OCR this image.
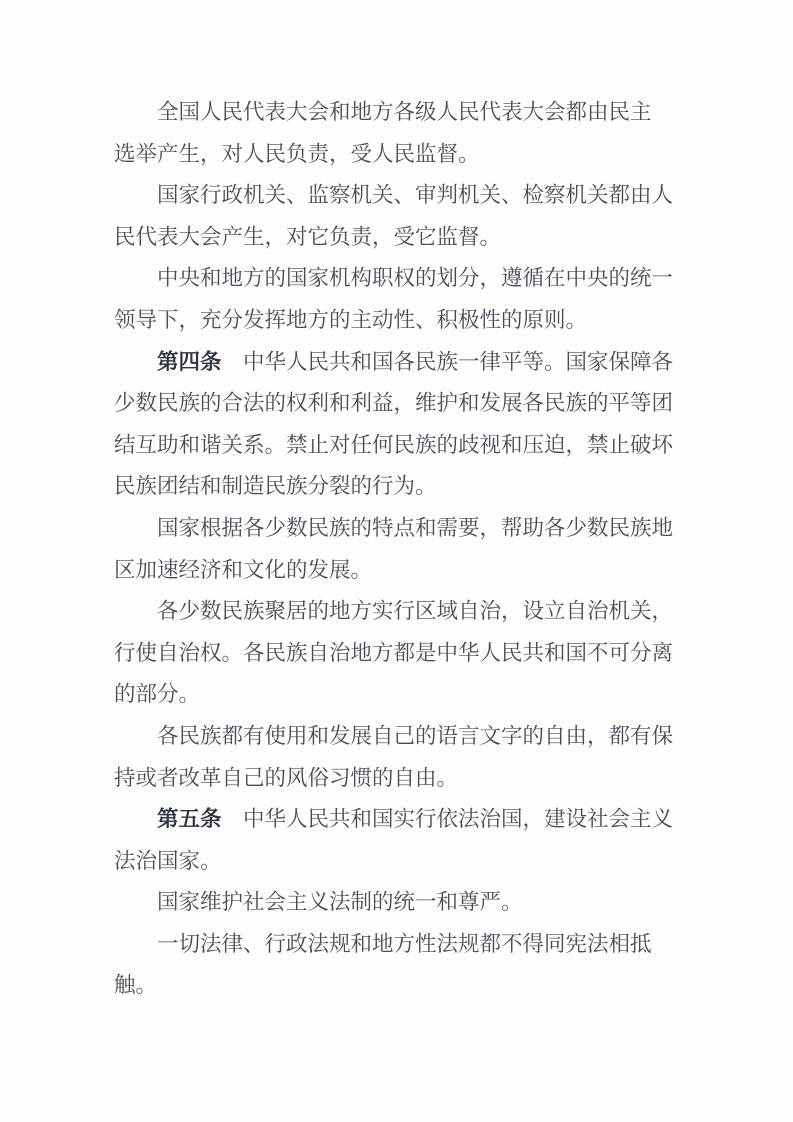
全国人民代表大会和地方各级人民代表大会都由民主
选举产生，对人民负责，受人民监督。
国家行政机关、监察机关、审判机关、检察机关都由人
民代表大会产生，对它负责，受它监督。
中央和地方的国家机构职权的划分，遵循在中央的统一
领导下，充分发挥地方的主动性、积极性的原则。
第四条　 中华人民共和国各民族一律平等。国家保障各
少数民族的合法的权利和利益，维护和发展各民族的平等团
结互助和谐关系。禁止对任何民族的歧视和压迫，禁止破坏
民族团结和制造民族分裂的行为。
国家根据各少数民族的特点和需要，帮助各少数民族地
区加速经济和文化的发展。
各少数民族聚居的地方实行区域自治，设立自治机关，
行使自治权。各民族自治地方都是中华人民共和国不可分离
的部分。
各民族都有使用和发展自己的语言文字的自由，都有保
持或者改革自己的风俗习惯的自由。
第五条　 中华人民共和国实行依法治国，建设社会主义
法治国家。
国家维护社会主义法制的统一和尊严。
一切法律、行政法规和地方性法规都不得同宪法相抵
触。
